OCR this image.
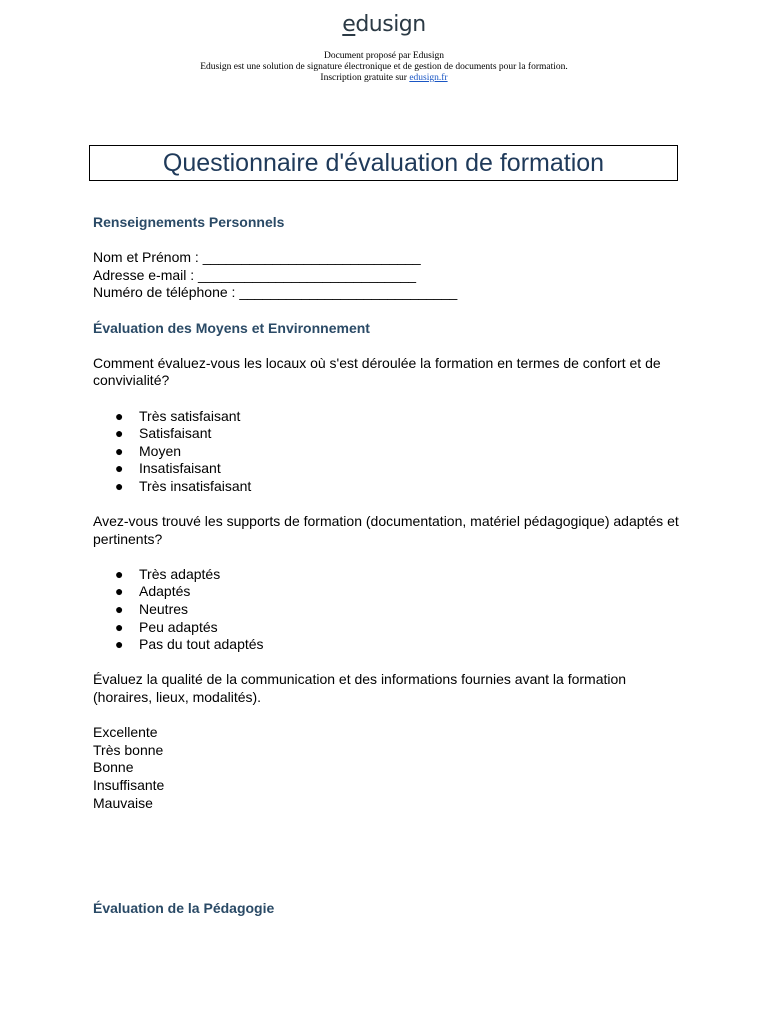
edusign
Document proposé par Edusign
Edusign est une solution de signature électronique et de gestion de documents pour la formation.
Inscription gratuite sur edusign.fr
Questionnaire d'évaluation de formation

Renseignements Personnels

Nom et Prénom : ____________________________

Adresse e-mail : ____________________________

Numéro de téléphone : ____________________________

Évaluation des Moyens et Environnement

Comment évaluez-vous les locaux où s'est déroulée la formation en termes de confort et de convivialité?

● Très satisfaisant
● Satisfaisant
● Moyen
● Insatisfaisant
● Très insatisfaisant

Avez-vous trouvé les supports de formation (documentation, matériel pédagogique) adaptés et pertinents?

● Très adaptés
● Adaptés
● Neutres
● Peu adaptés
● Pas du tout adaptés

Évaluez la qualité de la communication et des informations fournies avant la formation (horaires, lieux, modalités).

Excellente
Très bonne
Bonne
Insuffisante
Mauvaise

Évaluation de la Pédagogie
